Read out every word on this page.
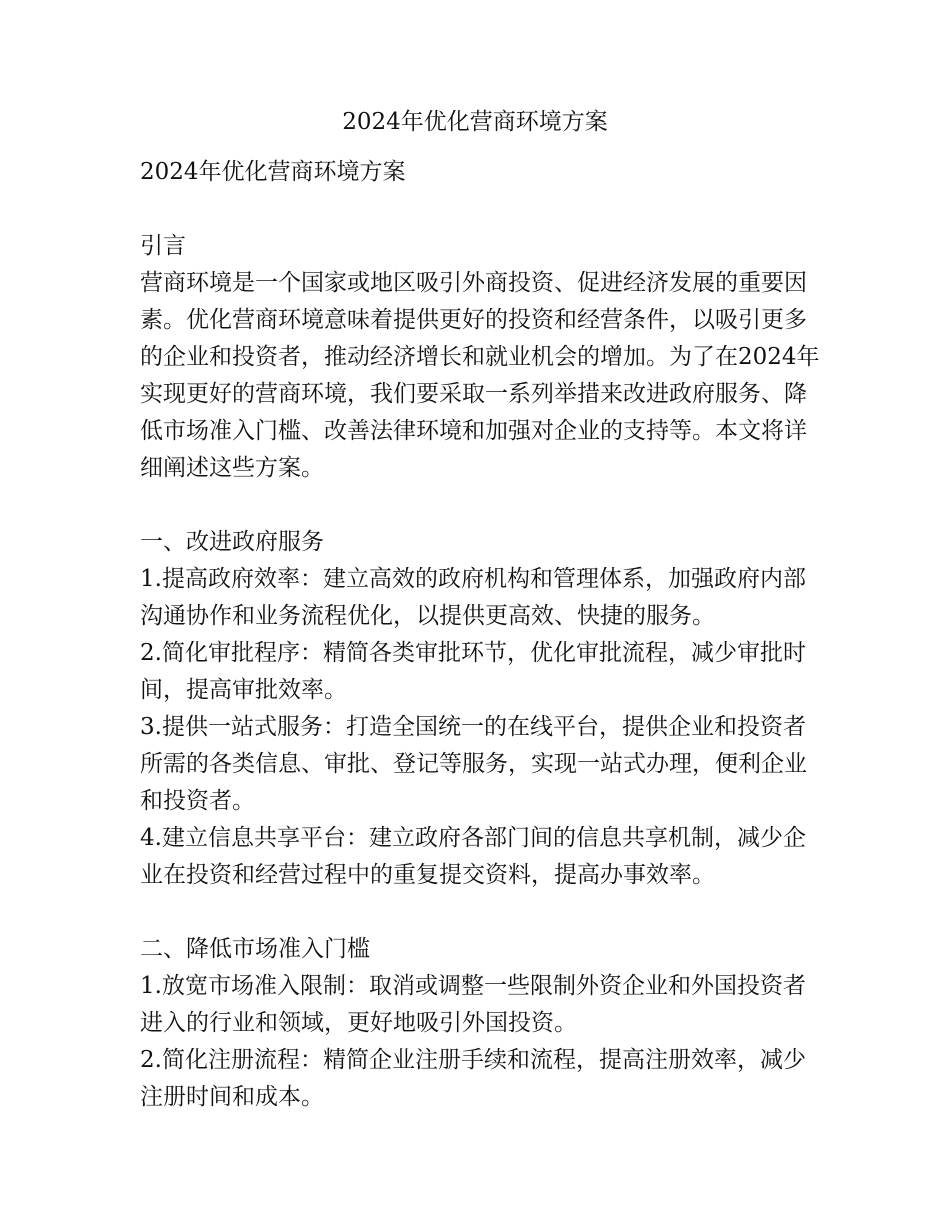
2024年优化营商环境方案

2024年优化营商环境方案

引言

营商环境是一个国家或地区吸引外商投资、促进经济发展的重要因素。优化营商环境意味着提供更好的投资和经营条件，以吸引更多的企业和投资者，推动经济增长和就业机会的增加。为了在2024年实现更好的营商环境，我们要采取一系列举措来改进政府服务、降低市场准入门槛、改善法律环境和加强对企业的支持等。本文将详细阐述这些方案。

一、改进政府服务

1.提高政府效率：建立高效的政府机构和管理体系，加强政府内部沟通协作和业务流程优化，以提供更高效、快捷的服务。

2.简化审批程序：精简各类审批环节，优化审批流程，减少审批时间，提高审批效率。

3.提供一站式服务：打造全国统一的在线平台，提供企业和投资者所需的各类信息、审批、登记等服务，实现一站式办理，便利企业和投资者。

4.建立信息共享平台：建立政府各部门间的信息共享机制，减少企业在投资和经营过程中的重复提交资料，提高办事效率。

二、降低市场准入门槛

1.放宽市场准入限制：取消或调整一些限制外资企业和外国投资者进入的行业和领域，更好地吸引外国投资。

2.简化注册流程：精简企业注册手续和流程，提高注册效率，减少注册时间和成本。
